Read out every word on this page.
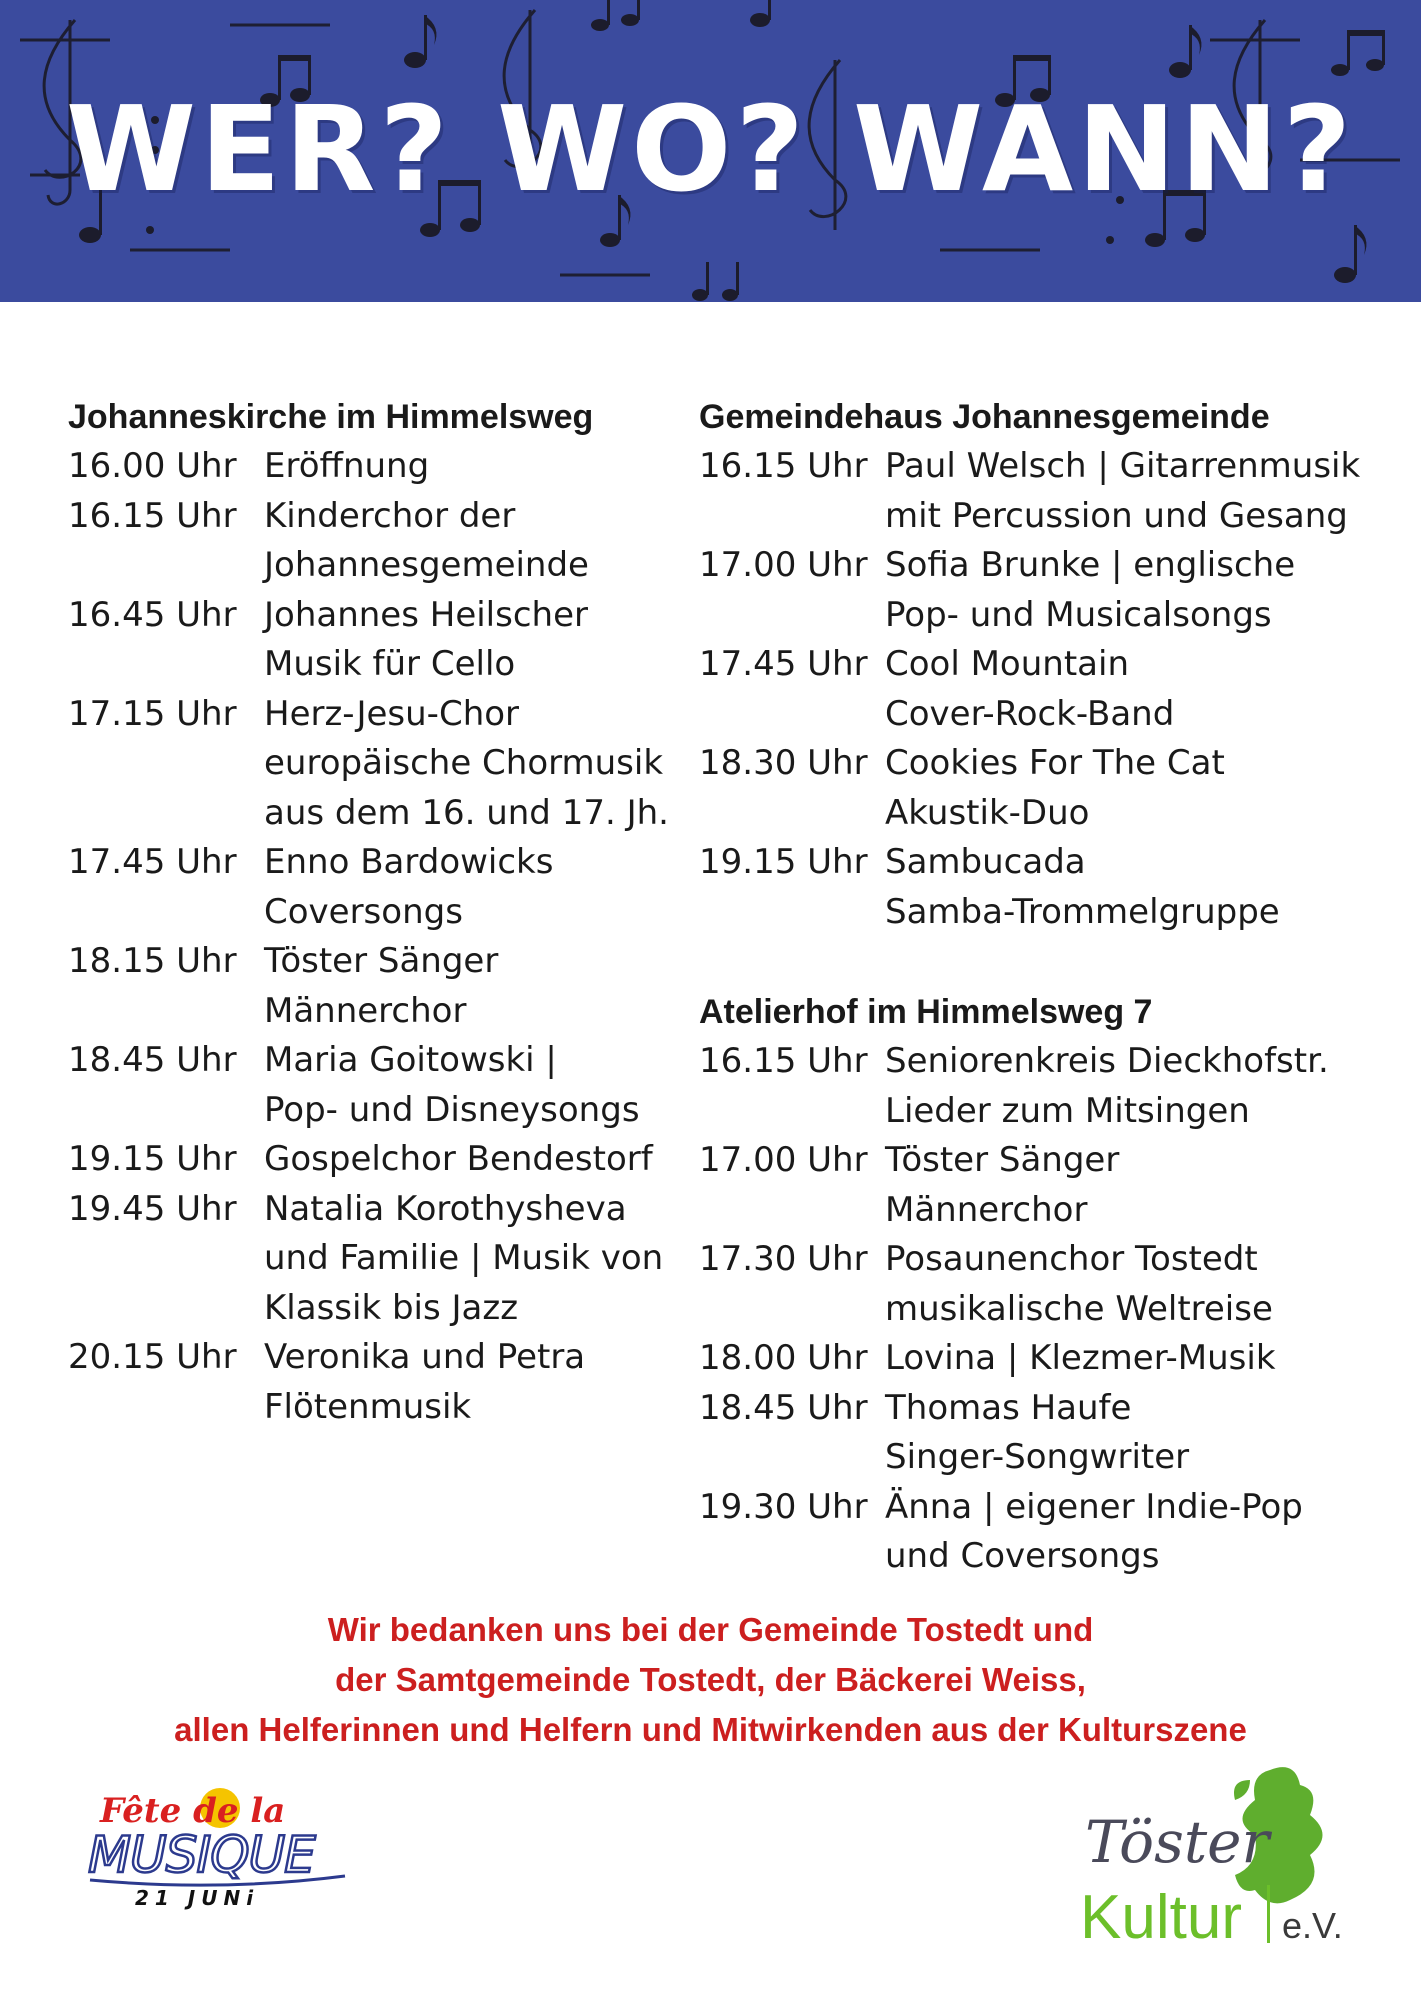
WER? WO? WANN?
Johanneskirche im Himmelsweg
16.00 Uhr Eröffnung
16.15 Uhr Kinderchor der
Johannesgemeinde
16.45 Uhr Johannes Heilscher
Musik für Cello
17.15 Uhr Herz-Jesu-Chor
europäische Chormusik
aus dem 16. und 17. Jh.
17.45 Uhr Enno Bardowicks
Coversongs
18.15 Uhr Töster Sänger
Männerchor
18.45 Uhr Maria Goitowski |
Pop- und Disneysongs
19.15 Uhr Gospelchor Bendestorf
19.45 Uhr Natalia Korothysheva
und Familie | Musik von
Klassik bis Jazz
20.15 Uhr Veronika und Petra
Flötenmusik
Gemeindehaus Johannesgemeinde
16.15 Uhr Paul Welsch | Gitarrenmusik
mit Percussion und Gesang
17.00 Uhr Sofia Brunke | englische
Pop- und Musicalsongs
17.45 Uhr Cool Mountain
Cover-Rock-Band
18.30 Uhr Cookies For The Cat
Akustik-Duo
19.15 Uhr Sambucada
Samba-Trommelgruppe
Atelierhof im Himmelsweg 7
16.15 Uhr Seniorenkreis Dieckhofstr.
Lieder zum Mitsingen
17.00 Uhr Töster Sänger
Männerchor
17.30 Uhr Posaunenchor Tostedt
musikalische Weltreise
18.00 Uhr Lovina | Klezmer-Musik
18.45 Uhr Thomas Haufe
Singer-Songwriter
19.30 Uhr Änna | eigener Indie-Pop
und Coversongs
Wir bedanken uns bei der Gemeinde Tostedt und
der Samtgemeinde Tostedt, der Bäckerei Weiss,
allen Helferinnen und Helfern und Mitwirkenden aus der Kulturszene
Fête de la
MUSIQUE
21 JUNi
Töster
Kultur e.V.
